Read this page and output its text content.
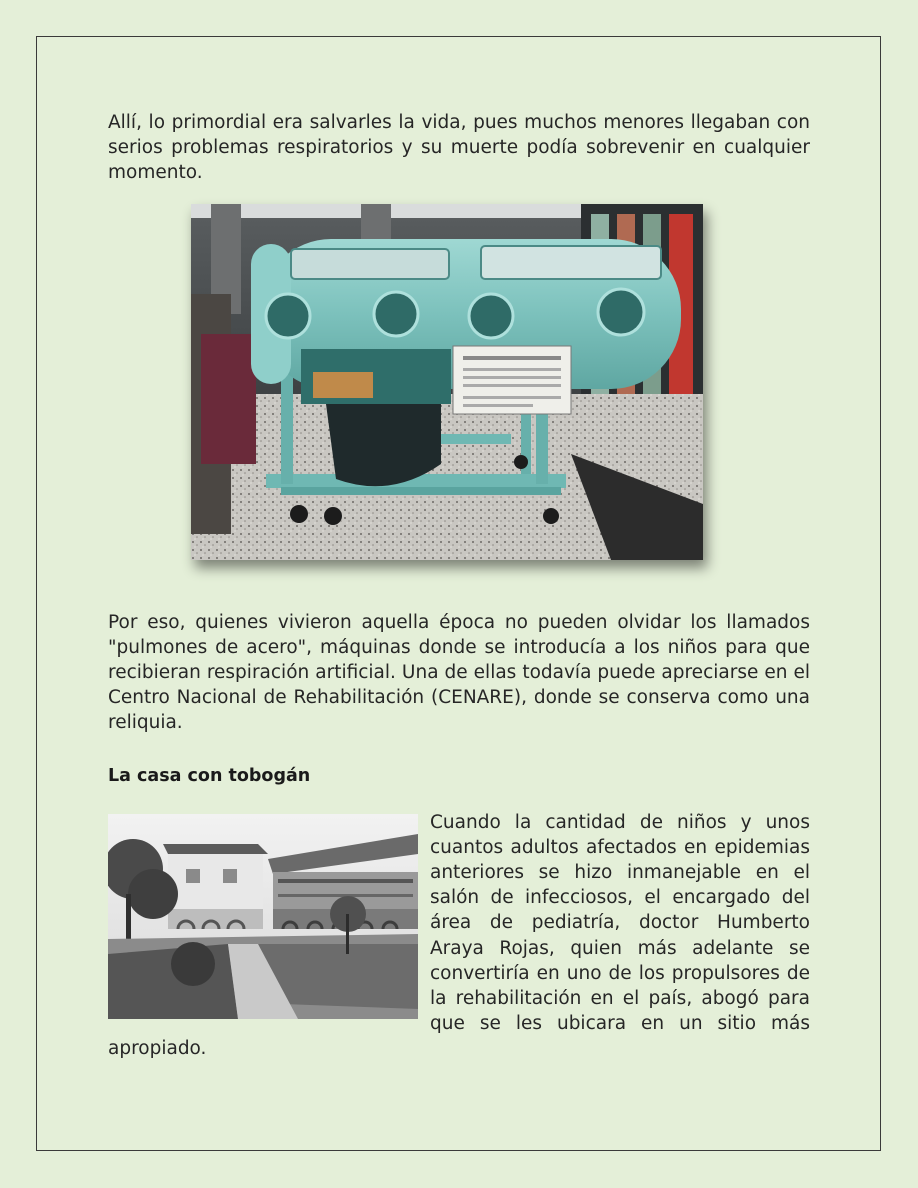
Allí, lo primordial era salvarles la vida, pues muchos menores llegaban con serios problemas respiratorios y su muerte podía sobrevenir en cualquier momento.

Por eso, quienes vivieron aquella época no pueden olvidar los llamados "pulmones de acero", máquinas donde se introducía a los niños para que recibieran respiración artificial. Una de ellas todavía puede apreciarse en el Centro Nacional de Rehabilitación (CENARE), donde se conserva como una reliquia.

La casa con tobogán

Cuando la cantidad de niños y unos cuantos adultos afectados en epidemias anteriores se hizo inmanejable en el salón de infecciosos, el encargado del área de pediatría, doctor Humberto Araya Rojas, quien más adelante se convertiría en uno de los propulsores de la rehabilitación en el país, abogó para que se les ubicara en un sitio más apropiado.
